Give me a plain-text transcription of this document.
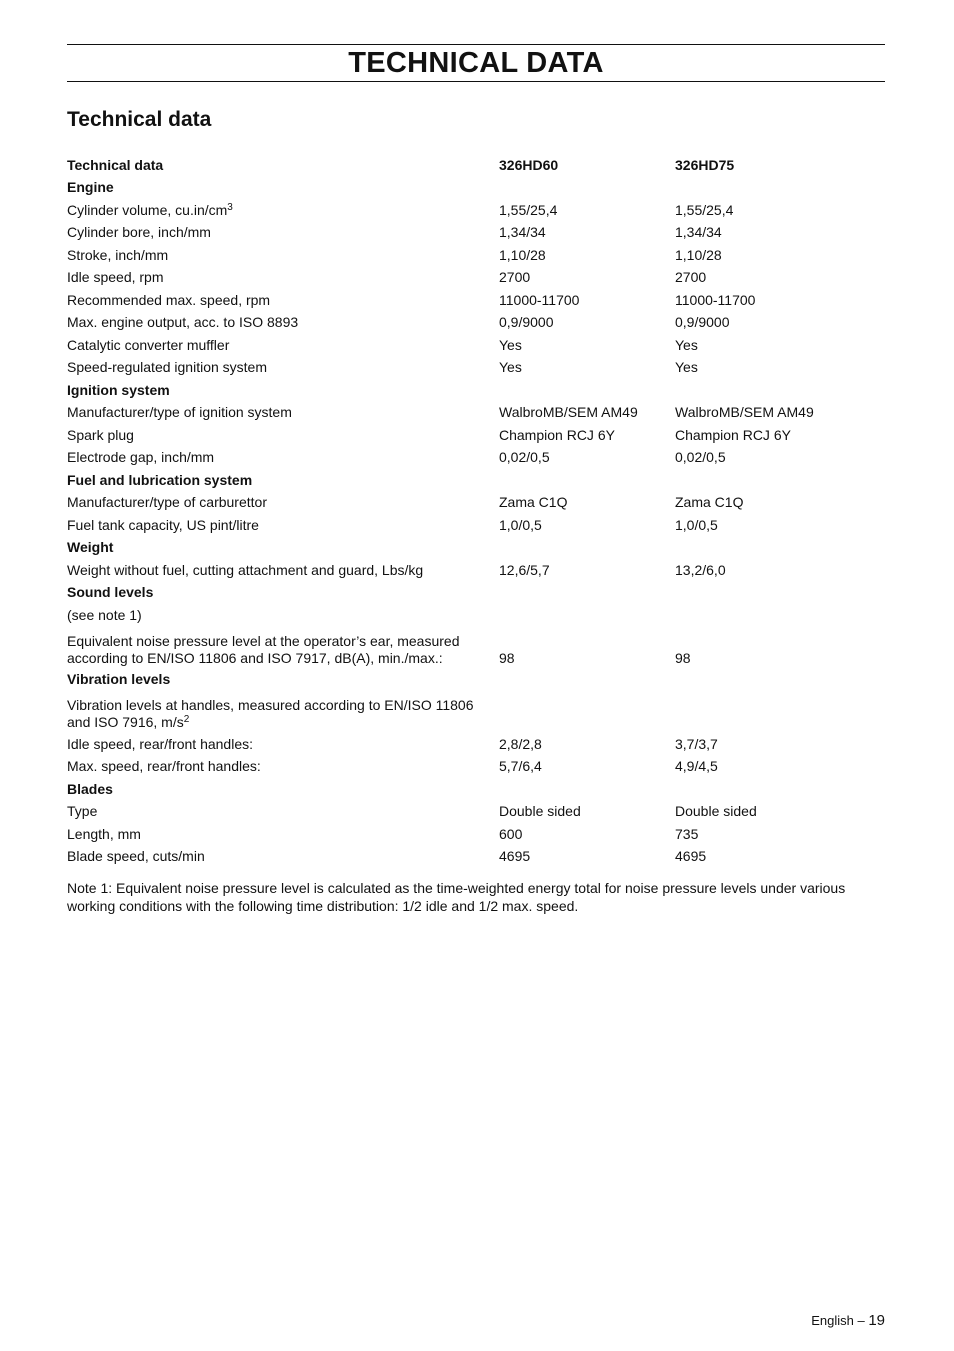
TECHNICAL DATA
Technical data
Technical data	326HD60	326HD75
Engine		
Cylinder volume, $cu.in/cm^3$	1,55/25,4	1,55/25,4
Cylinder bore, inch/mm	1,34/34	1,34/34
Stroke, inch/mm	1,10/28	1,10/28
Idle speed, rpm	2700	2700
Recommended max. speed, rpm	11000-11700	11000-11700
Max. engine output, acc. to ISO 8893	0,9/9000	0,9/9000
Catalytic converter muffler	Yes	Yes
Speed-regulated ignition system	Yes	Yes
Ignition system		
Manufacturer/type of ignition system	WalbroMB/SEM AM49	WalbroMB/SEM AM49
Spark plug	Champion RCJ 6Y	Champion RCJ 6Y
Electrode gap, inch/mm	0,02/0,5	0,02/0,5
Fuel and lubrication system		
Manufacturer/type of carburettor	Zama C1Q	Zama C1Q
Fuel tank capacity, US pint/litre	1,0/0,5	1,0/0,5
Weight		
Weight without fuel, cutting attachment and guard, Lbs/kg	12,6/5,7	13,2/6,0
Sound levels		
(see note 1)		

Equivalent noise pressure level at the operator’s ear, measured
according to EN/ISO 11806 and ISO 7917, dB(A), min./max.:	98	98
Vibration levels		

Vibration levels at handles, measured according to EN/ISO 11806
and ISO 7916, $m/s^2$

Idle speed, rear/front handles:	2,8/2,8	3,7/3,7
Max. speed, rear/front handles:	5,7/6,4	4,9/4,5
Blades		
Type	Double sided	Double sided
Length, mm	600	735
Blade speed, cuts/min	4695	4695

Note 1: Equivalent noise pressure level is calculated as the time-weighted energy total for noise pressure levels under various working conditions with the following time distribution: 1/2 idle and 1/2 max. speed.

English – 19
